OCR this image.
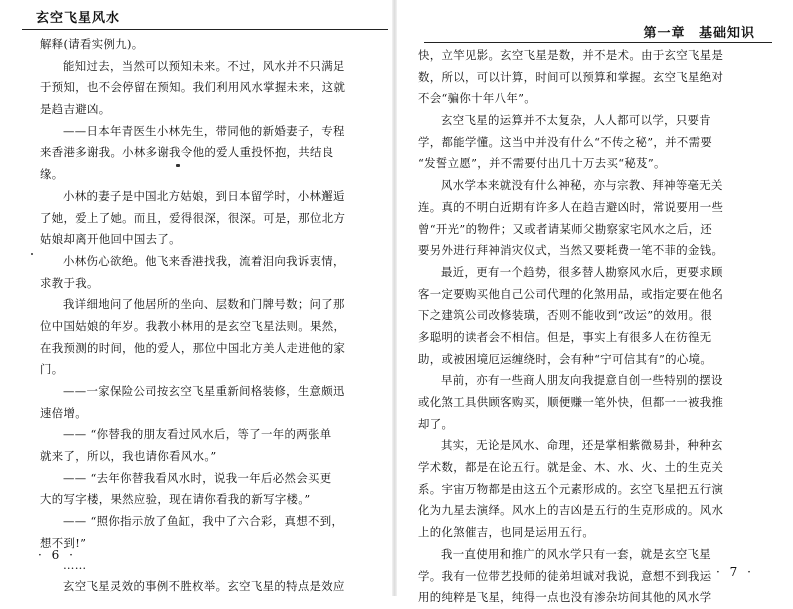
玄空飞星风水
解释(请看实例九)。
能知过去，当然可以预知未来。不过，风水并不只满足
于预知，也不会停留在预知。我们利用风水掌握未来，这就
是趋吉避凶。
——日本年青医生小林先生，带同他的新婚妻子，专程
来香港多谢我。小林多谢我令他的爱人重投怀抱，共结良
缘。
小林的妻子是中国北方姑娘，到日本留学时，小林邂逅
了她，爱上了她。而且，爱得很深，很深。可是，那位北方
姑娘却离开他回中国去了。
小林伤心欲绝。他飞来香港找我，流着泪向我诉衷情，
求教于我。
我详细地问了他居所的坐向、层数和门牌号数；问了那
位中国姑娘的年岁。我教小林用的是玄空飞星法则。果然，
在我预测的时间，他的爱人，那位中国北方美人走进他的家
门。
——一家保险公司按玄空飞星重新间格装修，生意颇迅
速倍增。
—— “你替我的朋友看过风水后，等了一年的两张单
就来了，所以，我也请你看风水。”
—— “去年你替我看风水时，说我一年后必然会买更
大的写字楼，果然应验，现在请你看我的新写字楼。”
—— “照你指示放了鱼缸，我中了六合彩，真想不到，
想不到!”
……
玄空飞星灵效的事例不胜枚举。玄空飞星的特点是效应
· 6 ·
第一章 基础知识
快，立竿见影。玄空飞星是数，并不是术。由于玄空飞星是
数，所以，可以计算，时间可以预算和掌握。玄空飞星绝对
不会“骗你十年八年”。
玄空飞星的运算并不太复杂，人人都可以学，只要肯
学，都能学懂。这当中并没有什么“不传之秘”，并不需要
“发誓立愿”，并不需要付出几十万去买“秘芨”。
风水学本来就没有什么神秘，亦与宗教、拜神等毫无关
连。真的不明白近期有许多人在趋吉避凶时，常说要用一些
曾“开光”的物件；又或者请某师父勘察家宅风水之后，还
要另外进行拜神消灾仪式，当然又要耗费一笔不菲的金钱。
最近，更有一个趋势，很多替人勘察风水后，更要求顾
客一定要购买他自己公司代理的化煞用品，或指定要在他名
下之建筑公司改修装璜，否则不能收到“改运”的效用。很
多聪明的读者会不相信。但是，事实上有很多人在彷徨无
助，或被困境厄运缠绕时，会有种“宁可信其有”的心境。
早前，亦有一些商人朋友向我提意自创一些特别的摆设
或化煞工具供顾客购买，顺便赚一笔外快，但都一一被我推
却了。
其实，无论是风水、命理，还是掌相紫微易卦，种种玄
学术数，都是在论五行。就是金、木、水、火、土的生克关
系。宇宙万物都是由这五个元素形成的。玄空飞星把五行演
化为九星去演绎。风水上的吉凶是五行的生克形成的。风水
上的化煞催吉，也同是运用五行。
我一直使用和推广的风水学只有一套，就是玄空飞星
学。我有一位带艺投师的徒弟坦诚对我说，意想不到我运
用的纯粹是飞星，纯得一点也没有渗杂坊间其他的风水学
· 7 ·
